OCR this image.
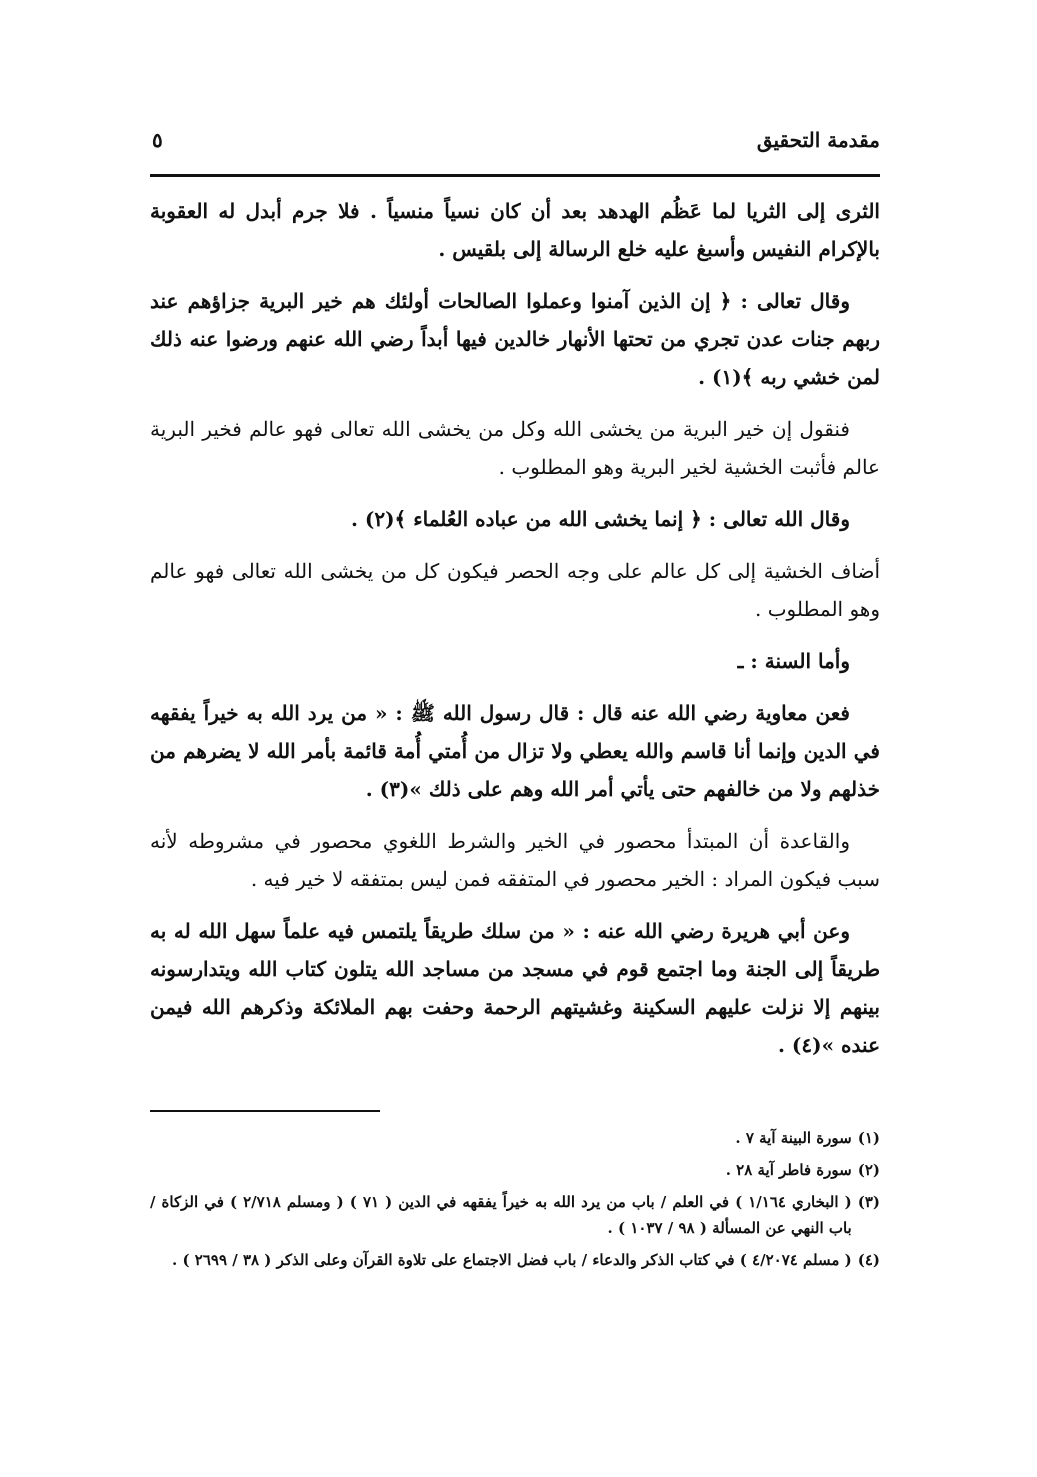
مقدمة التحقيق
٥

الثرى إلى الثريا لما عَظُم الهدهد بعد أن كان نسياً منسياً . فلا جرم أبدل له العقوبة بالإكرام النفيس وأسبغ عليه خلع الرسالة إلى بلقيس .

وقال تعالى : ﴿ إن الذين آمنوا وعملوا الصالحات أولئك هم خير البرية جزاؤهم عند ربهم جنات عدن تجري من تحتها الأنهار خالدين فيها أبداً رضي الله عنهم ورضوا عنه ذلك لمن خشي ربه ﴾(١) .

فنقول إن خير البرية من يخشى الله وكل من يخشى الله تعالى فهو عالم فخير البرية عالم فأثبت الخشية لخير البرية وهو المطلوب .

وقال الله تعالى : ﴿ إنما يخشى الله من عباده العُلماء ﴾(٢) .

أضاف الخشية إلى كل عالم على وجه الحصر فيكون كل من يخشى الله تعالى فهو عالم وهو المطلوب .

وأما السنة : ـ

فعن معاوية رضي الله عنه قال : قال رسول الله ﷺ : « من يرد الله به خيراً يفقهه في الدين وإنما أنا قاسم والله يعطي ولا تزال من أُمتي أُمة قائمة بأمر الله لا يضرهم من خذلهم ولا من خالفهم حتى يأتي أمر الله وهم على ذلك »(٣) .

والقاعدة أن المبتدأ محصور في الخير والشرط اللغوي محصور في مشروطه لأنه سبب فيكون المراد : الخير محصور في المتفقه فمن ليس بمتفقه لا خير فيه .

وعن أبي هريرة رضي الله عنه : « من سلك طريقاً يلتمس فيه علماً سهل الله له به طريقاً إلى الجنة وما اجتمع قوم في مسجد من مساجد الله يتلون كتاب الله ويتدارسونه بينهم إلا نزلت عليهم السكينة وغشيتهم الرحمة وحفت بهم الملائكة وذكرهم الله فيمن عنده »(٤) .

(١)
سورة البينة آية ٧ .
(٢)
سورة فاطر آية ٢٨ .
(٣)
( البخاري ١/١٦٤ ) في العلم / باب من يرد الله به خيراً يفقهه في الدين ( ٧١ ) ( ومسلم ٢/٧١٨ ) في الزكاة / باب النهي عن المسألة ( ٩٨ / ١٠٣٧ ) .
(٤)
( مسلم ٤/٢٠٧٤ ) في كتاب الذكر والدعاء / باب فضل الاجتماع على تلاوة القرآن وعلى الذكر ( ٣٨ / ٢٦٩٩ ) .
